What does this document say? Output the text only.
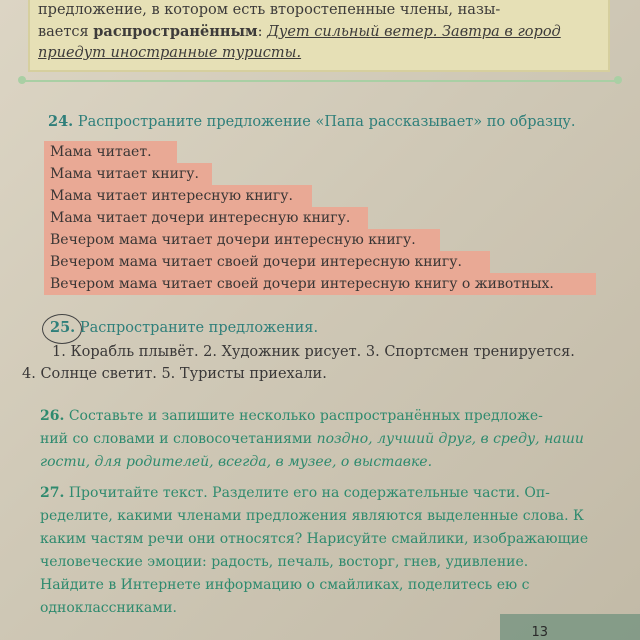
предложение, в котором есть второстепенные члены, назы-
вается распространённым: Дует сильный ветер. Завтра в город
приедут иностранные туристы.

24. Распространите предложение «Папа рассказывает» по образцу.

Мама читает.
Мама читает книгу.
Мама читает интересную книгу.
Мама читает дочери интересную книгу.
Вечером мама читает дочери интересную книгу.
Вечером мама читает своей дочери интересную книгу.
Вечером мама читает своей дочери интересную книгу о животных.

25. Распространите предложения.

1. Корабль плывёт. 2. Художник рисует. 3. Спортсмен тренируется.

4. Солнце светит. 5. Туристы приехали.

26. Составьте и запишите несколько распространённых предложе-

ний со словами и словосочетаниями поздно, лучший друг, в среду, наши

гости, для родителей, всегда, в музее, о выставке.

27. Прочитайте текст. Разделите его на содержательные части. Оп-

ределите, какими членами предложения являются выделенные слова. К

каким частям речи они относятся? Нарисуйте смайлики, изображающие

человеческие эмоции: радость, печаль, восторг, гнев, удивление.

Найдите в Интернете информацию о смайликах, поделитесь ею с

одноклассниками.

13
